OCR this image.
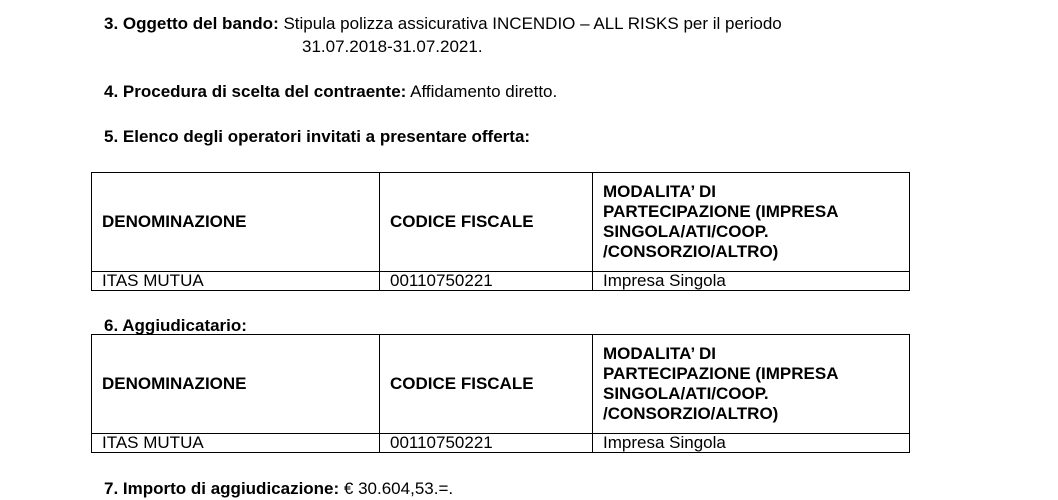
3. Oggetto del bando: Stipula polizza assicurativa INCENDIO – ALL RISKS per il periodo
31.07.2018-31.07.2021.
4. Procedura di scelta del contraente: Affidamento diretto.
5. Elenco degli operatori invitati a presentare offerta:
DENOMINAZIONE	CODICE FISCALE	MODALITA’ DI
PARTECIPAZIONE (IMPRESA
SINGOLA/ATI/COOP.
/CONSORZIO/ALTRO)
ITAS MUTUA	00110750221	Impresa Singola
6. Aggiudicatario:
DENOMINAZIONE	CODICE FISCALE	MODALITA’ DI
PARTECIPAZIONE (IMPRESA
SINGOLA/ATI/COOP.
/CONSORZIO/ALTRO)
ITAS MUTUA	00110750221	Impresa Singola
7. Importo di aggiudicazione: € 30.604,53.=.
